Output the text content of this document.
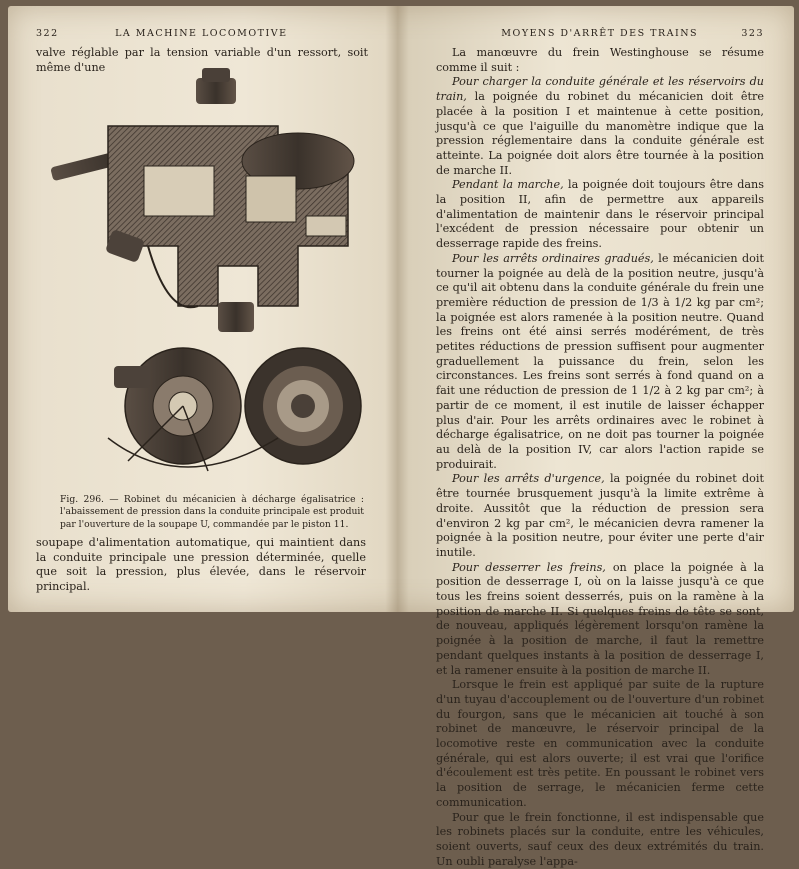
322	LA MACHINE LOCOMOTIVE
valve réglable par la tension variable d'un ressort, soit même d'une
Fig. 296. — Robinet du mécanicien à décharge égalisatrice : l'abaissement de pression dans la conduite principale est produit par l'ouverture de la soupape U, commandée par le piston 11.
soupape d'alimentation automatique, qui maintient dans la conduite principale une pression déterminée, quelle que soit la pression, plus élevée, dans le réservoir principal.
MOYENS D'ARRÊT DES TRAINS	323

La manœuvre du frein Westinghouse se résume comme il suit :

Pour charger la conduite générale et les réservoirs du train, la poignée du robinet du mécanicien doit être placée à la position I et maintenue à cette position, jusqu'à ce que l'aiguille du manomètre indique que la pression réglementaire dans la conduite générale est atteinte. La poignée doit alors être tournée à la position de marche II.

Pendant la marche, la poignée doit toujours être dans la position II, afin de permettre aux appareils d'alimentation de maintenir dans le réservoir principal l'excédent de pression nécessaire pour obtenir un desserrage rapide des freins.

Pour les arrêts ordinaires gradués, le mécanicien doit tourner la poignée au delà de la position neutre, jusqu'à ce qu'il ait obtenu dans la conduite générale du frein une première réduction de pression de 1/3 à 1/2 kg par cm²; la poignée est alors ramenée à la position neutre. Quand les freins ont été ainsi serrés modérément, de très petites réductions de pression suffisent pour augmenter graduellement la puissance du frein, selon les circonstances. Les freins sont serrés à fond quand on a fait une réduction de pression de 1 1/2 à 2 kg par cm²; à partir de ce moment, il est inutile de laisser échapper plus d'air. Pour les arrêts ordinaires avec le robinet à décharge égalisatrice, on ne doit pas tourner la poignée au delà de la position IV, car alors l'action rapide se produirait.

Pour les arrêts d'urgence, la poignée du robinet doit être tournée brusquement jusqu'à la limite extrême à droite. Aussitôt que la réduction de pression sera d'environ 2 kg par cm², le mécanicien devra ramener la poignée à la position neutre, pour éviter une perte d'air inutile.

Pour desserrer les freins, on place la poignée à la position de desserrage I, où on la laisse jusqu'à ce que tous les freins soient desserrés, puis on la ramène à la position de marche II. Si quelques freins de tête se sont, de nouveau, appliqués légèrement lorsqu'on ramène la poignée à la position de marche, il faut la remettre pendant quelques instants à la position de desserrage I, et la ramener ensuite à la position de marche II.

Lorsque le frein est appliqué par suite de la rupture d'un tuyau d'accouplement ou de l'ouverture d'un robinet du fourgon, sans que le mécanicien ait touché à son robinet de manœuvre, le réservoir principal de la locomotive reste en communication avec la conduite générale, qui est alors ouverte; il est vrai que l'orifice d'écoulement est très petite. En poussant le robinet vers la position de serrage, le mécanicien ferme cette communication.

Pour que le frein fonctionne, il est indispensable que les robinets placés sur la conduite, entre les véhicules, soient ouverts, sauf ceux des deux extrémités du train. Un oubli paralyse l'appa-
